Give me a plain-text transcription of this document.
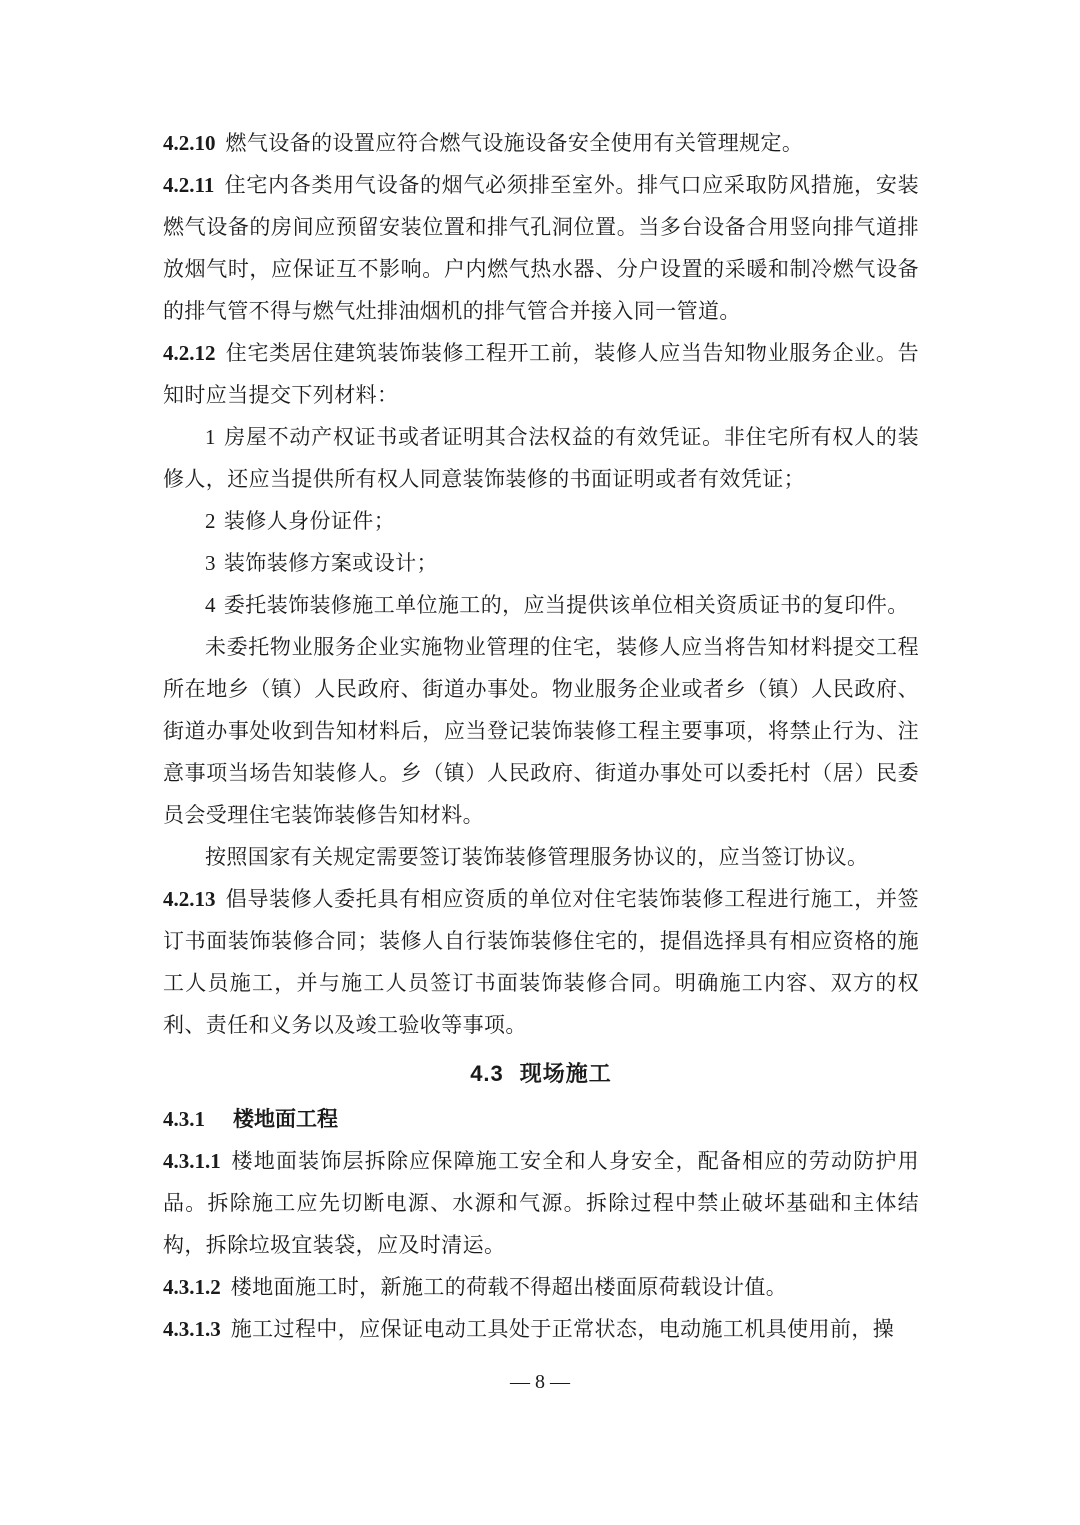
4.2.10 燃气设备的设置应符合燃气设施设备安全使用有关管理规定。

4.2.11 住宅内各类用气设备的烟气必须排至室外。排气口应采取防风措施，安装燃气设备的房间应预留安装位置和排气孔洞位置。当多台设备合用竖向排气道排放烟气时，应保证互不影响。户内燃气热水器、分户设置的采暖和制冷燃气设备的排气管不得与燃气灶排油烟机的排气管合并接入同一管道。

4.2.12 住宅类居住建筑装饰装修工程开工前，装修人应当告知物业服务企业。告知时应当提交下列材料：

1 房屋不动产权证书或者证明其合法权益的有效凭证。非住宅所有权人的装修人，还应当提供所有权人同意装饰装修的书面证明或者有效凭证；

2 装修人身份证件；

3 装饰装修方案或设计；

4 委托装饰装修施工单位施工的，应当提供该单位相关资质证书的复印件。

未委托物业服务企业实施物业管理的住宅，装修人应当将告知材料提交工程所在地乡（镇）人民政府、街道办事处。物业服务企业或者乡（镇）人民政府、街道办事处收到告知材料后，应当登记装饰装修工程主要事项，将禁止行为、注意事项当场告知装修人。乡（镇）人民政府、街道办事处可以委托村（居）民委员会受理住宅装饰装修告知材料。

按照国家有关规定需要签订装饰装修管理服务协议的，应当签订协议。

4.2.13 倡导装修人委托具有相应资质的单位对住宅装饰装修工程进行施工，并签订书面装饰装修合同；装修人自行装饰装修住宅的，提倡选择具有相应资格的施工人员施工，并与施工人员签订书面装饰装修合同。明确施工内容、双方的权利、责任和义务以及竣工验收等事项。

4.3 现场施工
4.3.1 楼地面工程

4.3.1.1 楼地面装饰层拆除应保障施工安全和人身安全，配备相应的劳动防护用品。拆除施工应先切断电源、水源和气源。拆除过程中禁止破坏基础和主体结构，拆除垃圾宜装袋，应及时清运。

4.3.1.2 楼地面施工时，新施工的荷载不得超出楼面原荷载设计值。

4.3.1.3 施工过程中，应保证电动工具处于正常状态，电动施工机具使用前，操

— 8 —
